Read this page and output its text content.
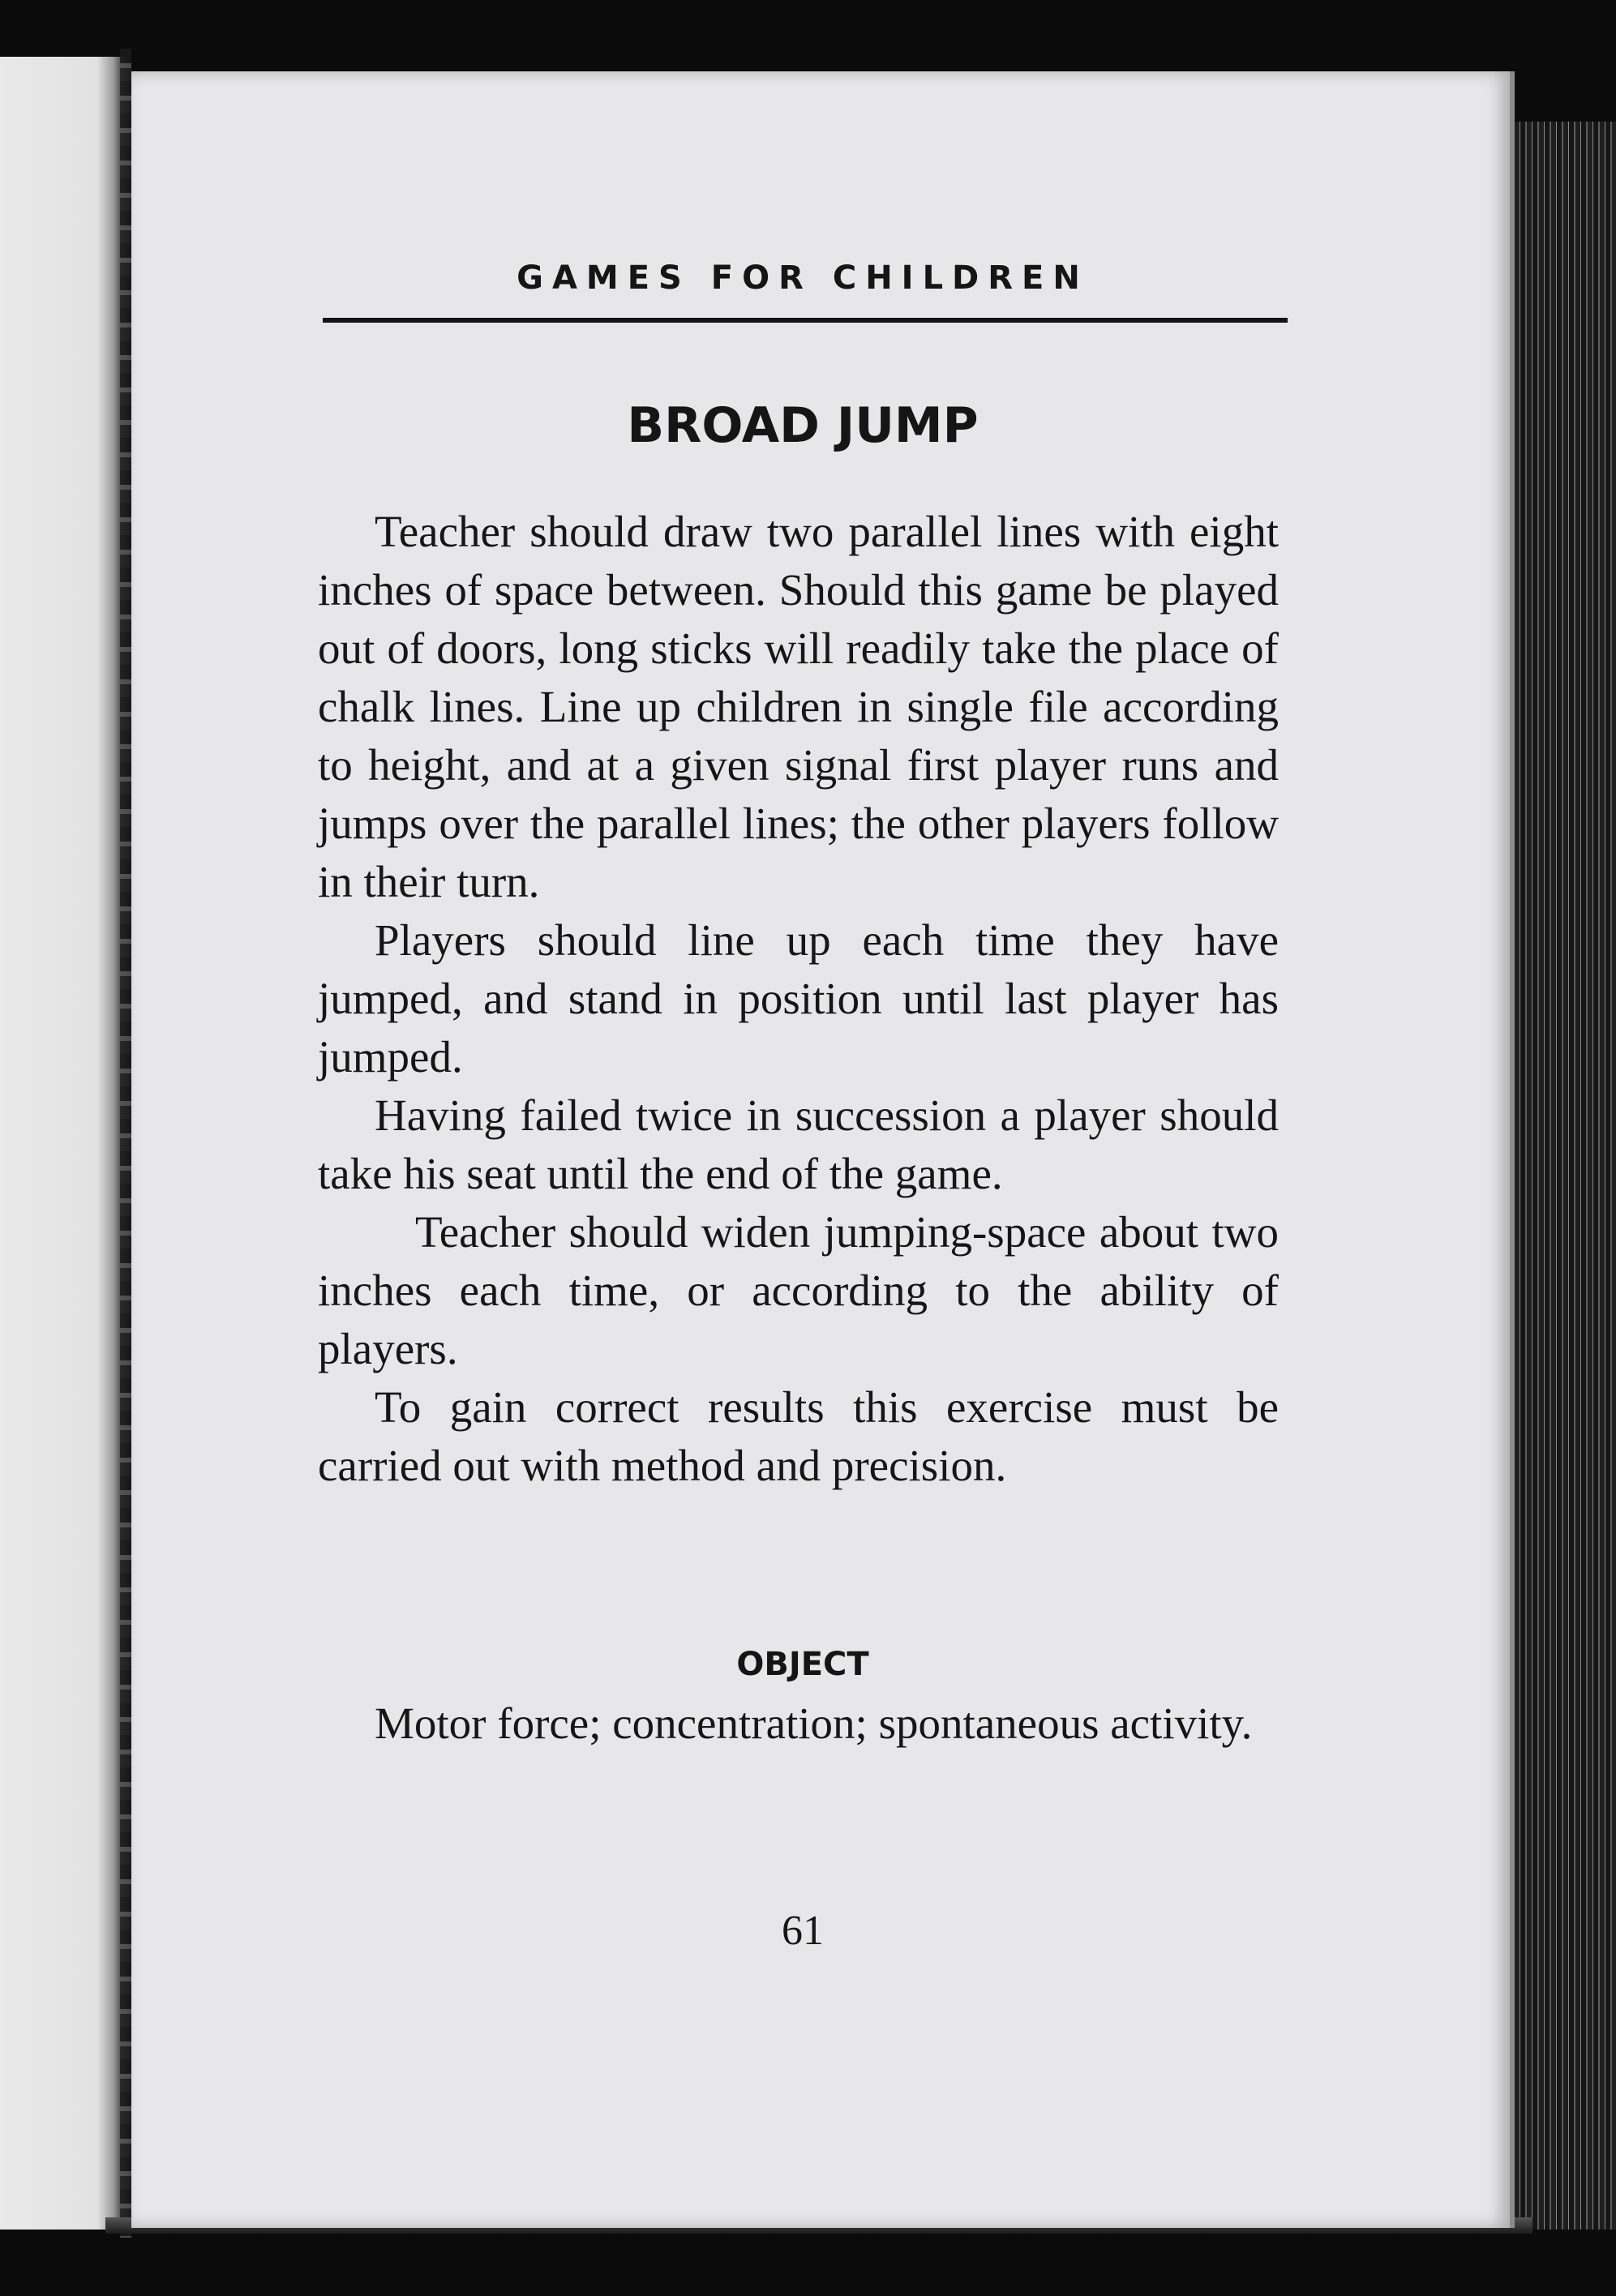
GAMES FOR CHILDREN
BROAD JUMP

Teacher should draw two parallel lines with eight inches of space between. Should this game be played out of doors, long sticks will readily take the place of chalk lines. Line up children in single file according to height, and at a given signal first player runs and jumps over the parallel lines; the other players follow in their turn.

Players should line up each time they have jumped, and stand in position until last player has jumped.

Having failed twice in succession a player should take his seat until the end of the game.

Teacher should widen jumping-space about two inches each time, or according to the ability of players.

To gain correct results this exercise must be carried out with method and precision.

OBJECT
Motor force; concentration; spontaneous activity.
61
